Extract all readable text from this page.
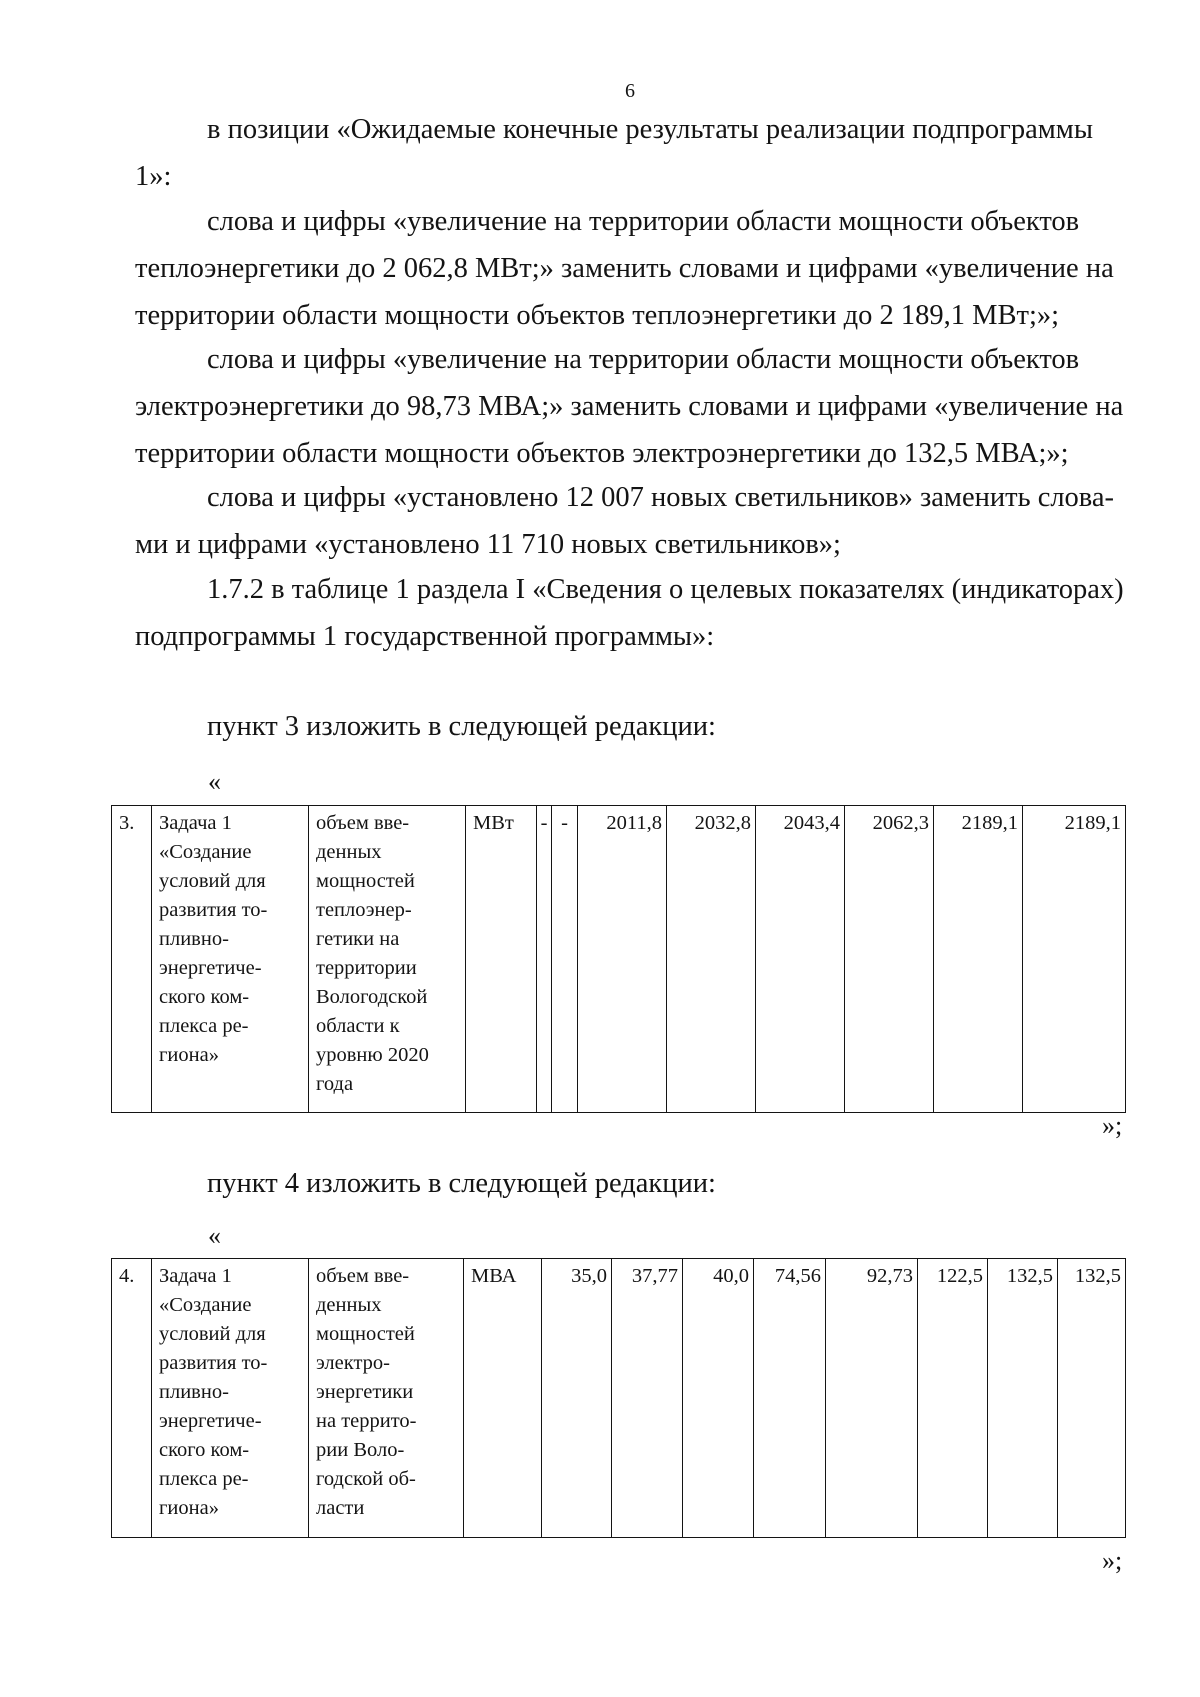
6

в позиции «Ожидаемые конечные результаты реализации подпрограммы
1»:

слова и цифры «увеличение на территории области мощности объектов
теплоэнергетики до 2 062,8 МВт;» заменить словами и цифрами «увеличение на
территории области мощности объектов теплоэнергетики до 2 189,1 МВт;»;

слова и цифры «увеличение на территории области мощности объектов
электроэнергетики до 98,73 МВА;» заменить словами и цифрами «увеличение на
территории области мощности объектов электроэнергетики до 132,5 МВА;»;

слова и цифры «установлено 12 007 новых светильников» заменить слова-
ми и цифрами «установлено 11 710 новых светильников»;

1.7.2 в таблице 1 раздела I «Сведения о целевых показателях (индикаторах)
подпрограммы 1 государственной программы»:

пункт 3 изложить в следующей редакции:

«
3.	Задача 1
«Создание
условий для
развития то-
пливно-
энергетиче-
ского ком-
плекса ре-
гиона»

объем вве-
денных
мощностей
теплоэнер-
гетики на
территории
Вологодской
области к
уровню 2020
года
	МВт	-	-	2011,8	2032,8	2043,4	2062,3	2189,1	2189,1
»;

пункт 4 изложить в следующей редакции:

«
4.	Задача 1
«Создание
условий для
развития то-
пливно-
энергетиче-
ского ком-
плекса ре-
гиона»

объем вве-
денных
мощностей
электро-
энергетики
на террито-
рии Воло-
годской об-
ласти
	МВА	35,0	37,77	40,0	74,56	92,73	122,5	132,5	132,5
»;
